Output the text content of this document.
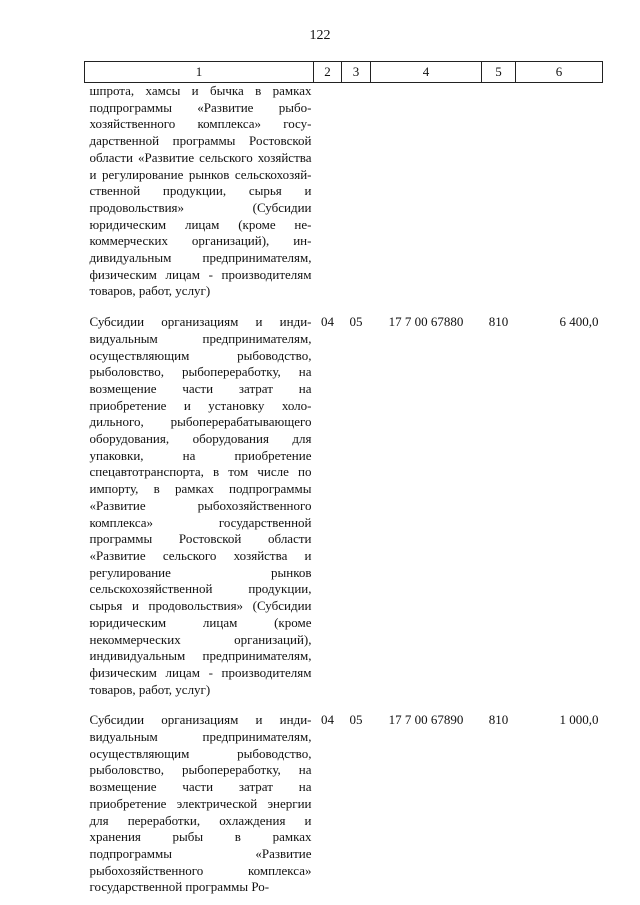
122
1	2	3	4	5	6
шпрота, хамсы и бычка в рамках подпрограммы «Развитие рыбохозяйственного комплекса» государственной программы Ростовской области «Развитие сельского хозяйства и регулирование рынков сельскохозяйственной продукции, сырья и продовольствия» (Субсидии юридическим лицам (кроме некоммерческих организаций), индивидуальным предпринимателям, физическим лицам - производителям товаров, работ, услуг)					

Субсидии организациям и индивидуальным предпринимателям, осуществляющим рыбоводство, рыболовство, рыбопереработку, на возмещение части затрат на приобретение и установку холодильного, рыбоперерабатывающего оборудования, оборудования для упаковки, на приобретение спецавтотранспорта, в том числе по импорту, в рамках подпрограммы «Развитие рыбохозяйственного комплекса» государственной программы Ростовской области «Развитие сельского хозяйства и регулирование рынков сельскохозяйственной продукции, сырья и продовольствия» (Субсидии юридическим лицам (кроме некоммерческих организаций), индивидуальным предпринимателям, физическим лицам - производителям товаров, работ, услуг)	04	05	17 7 00 67880	810	6 400,0

Субсидии организациям и индивидуальным предпринимателям, осуществляющим рыбоводство, рыболовство, рыбопереработку, на возмещение части затрат на приобретение электрической энергии для переработки, охлаждения и хранения рыбы в рамках подпрограммы «Развитие рыбохозяйственного комплекса» государственной программы Ро-	04	05	17 7 00 67890	810	1 000,0
